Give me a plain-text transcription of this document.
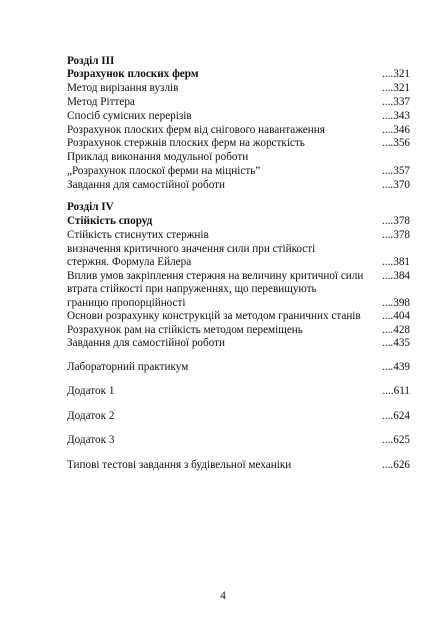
Розділ ІІІ
Розрахунок плоских ферм	....321
Метод вирізання вузлів	....321
Метод Ріттера	....337
Спосіб сумісних перерізів	....343
Розрахунок плоских ферм від снігового навантаження	....346
Розрахунок стержнів плоских ферм на жорсткість	....356
Приклад виконання модульної роботи
„Розрахунок плоскої ферми на міцність”	....357
Завдання для самостійної роботи	....370
Розділ IV
Стійкість споруд	....378
Стійкість стиснутих стержнів	....378
визначення критичного значення сили при стійкості
стержня. Формула Ейлера	....381
Вплив умов закріплення стержня на величину критичної сили	....384
втрата стійкості при напруженнях, що перевищують
границю пропорційності	....398
Основи розрахунку конструкцій за методом граничних станів	....404
Розрахунок рам на стійкість методом переміщень	....428
Завдання для самостійної роботи	....435
Лабораторний практикум	....439
Додаток 1	....611
Додаток 2	....624
Додаток 3	....625
Типові тестові завдання з будівельної механіки	....626
4
